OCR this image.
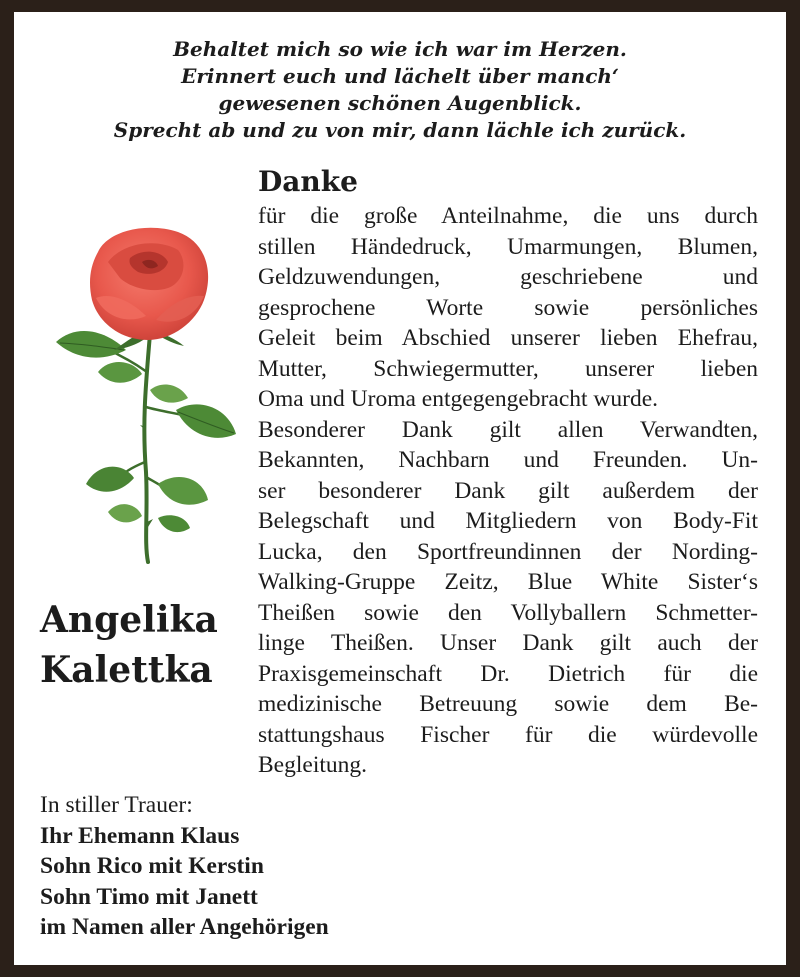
Behaltet mich so wie ich war im Herzen.
Erinnert euch und lächelt über manch‘
gewesenen schönen Augenblick.
Sprecht ab und zu von mir, dann lächle ich zurück.
Danke
für die große Anteilnahme, die uns durch
stillen Händedruck, Umarmungen, Blumen,
Geldzuwendungen, geschriebene und
gesprochene Worte sowie persönliches
Geleit beim Abschied unserer lieben Ehefrau,
Mutter, Schwiegermutter, unserer lieben
Oma und Uroma entgegengebracht wurde.
Besonderer Dank gilt allen Verwandten,
Bekannten, Nachbarn und Freunden. Un-
ser besonderer Dank gilt außerdem der
Belegschaft und Mitgliedern von Body-Fit
Lucka, den Sportfreundinnen der Nording-
Walking-Gruppe Zeitz, Blue White Sister‘s
Theißen sowie den Vollyballern Schmetter-
linge Theißen. Unser Dank gilt auch der
Praxisgemeinschaft Dr. Dietrich für die
medizinische Betreuung sowie dem Be-
stattungshaus Fischer für die würdevolle
Begleitung.
Angelika
Kalettka
In stiller Trauer:
Ihr Ehemann Klaus
Sohn Rico mit Kerstin
Sohn Timo mit Janett
im Namen aller Angehörigen
